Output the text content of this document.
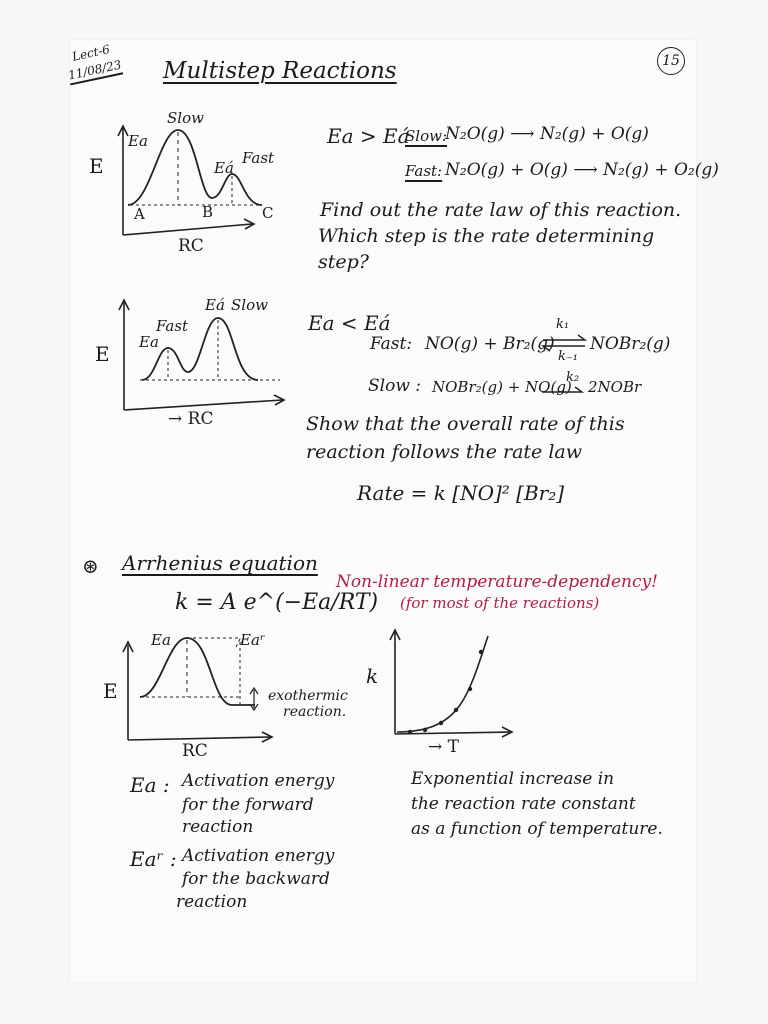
Lect-6
11/08/23	15
Multistep Reactions
E
Ea
Slow
Eá
Fast
A	B	C
RC
Ea > Eá
Slow:
N₂O(g) ⟶ N₂(g) + O(g)
Fast: N₂O(g) + O(g) ⟶ N₂(g) + O₂(g)
Find out the rate law of this reaction.
Which step is the rate determining
step?
E
Fast
Ea
Eá Slow
→ RC
Ea < Eá
Fast: NO(g) + Br₂(g)
k₁
k₋₁
NOBr₂(g)
Slow : NOBr₂(g) + NO(g)
k₂
2NOBr
Show that the overall rate of this
reaction follows the rate law
Rate = k [NO]² [Br₂]
⊛ Arrhenius equation
k = A e^(−Ea/RT)
Non-linear temperature-dependency!
(for most of the reactions)
E
Ea	Eaʳ
exothermic
reaction.
RC
k
→ T
Exponential increase in
the reaction rate constant
as a function of temperature.
Ea : Activation energy
for the forward
reaction
Eaʳ : Activation energy
for the backward
reaction
